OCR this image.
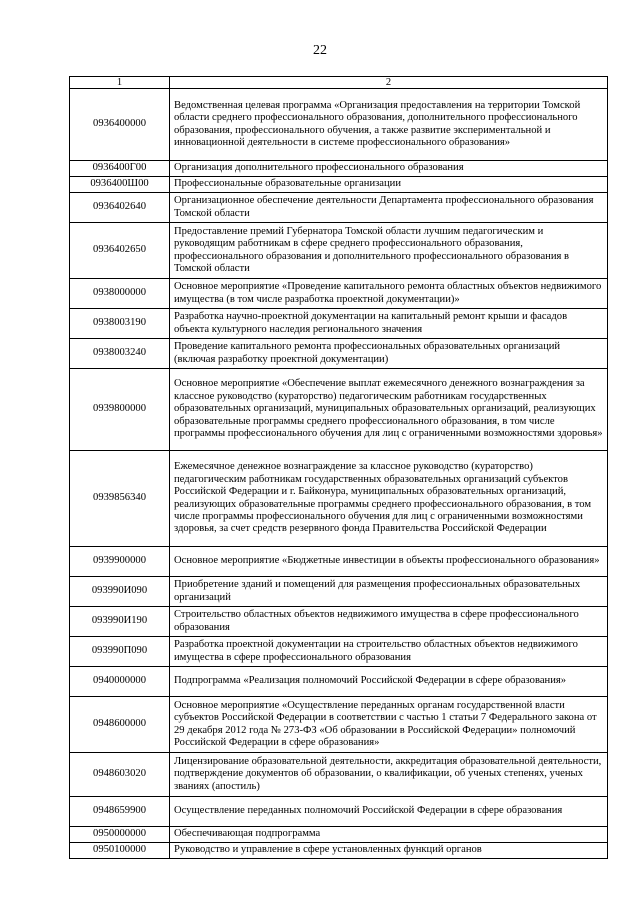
22
1	2
0936400000	Ведомственная целевая программа «Организация предоставления на территории Томской области среднего профессионального образования, дополнительного профессионального образования, профессионального обучения, а также развитие экспериментальной и инновационной деятельности в системе профессионального образования»
0936400Г00	Организация дополнительного профессионального образования
0936400Ш00	Профессиональные образовательные организации
0936402640	Организационное обеспечение деятельности Департамента профессионального образования Томской области
0936402650	Предоставление премий Губернатора Томской области лучшим педагогическим и руководящим работникам в сфере среднего профессионального образования, профессионального образования и дополнительного профессионального образования в Томской области
0938000000	Основное мероприятие «Проведение капитального ремонта областных объектов недвижимого имущества (в том числе разработка проектной документации)»
0938003190	Разработка научно-проектной документации на капитальный ремонт крыши и фасадов объекта культурного наследия регионального значения
0938003240	Проведение капитального ремонта профессиональных образовательных организаций (включая разработку проектной документации)
0939800000	Основное мероприятие «Обеспечение выплат ежемесячного денежного вознаграждения за классное руководство (кураторство) педагогическим работникам государственных образовательных организаций, муниципальных образовательных организаций, реализующих образовательные программы среднего профессионального образования, в том числе программы профессионального обучения для лиц с ограниченными возможностями здоровья»
0939856340	Ежемесячное денежное вознаграждение за классное руководство (кураторство) педагогическим работникам государственных образовательных организаций субъектов Российской Федерации и г. Байконура, муниципальных образовательных организаций, реализующих образовательные программы среднего профессионального образования, в том числе программы профессионального обучения для лиц с ограниченными возможностями здоровья, за счет средств резервного фонда Правительства Российской Федерации
0939900000	Основное мероприятие «Бюджетные инвестиции в объекты профессионального образования»
093990И090	Приобретение зданий и помещений для размещения профессиональных образовательных организаций
093990И190	Строительство областных объектов недвижимого имущества в сфере профессионального образования
093990П090	Разработка проектной документации на строительство областных объектов недвижимого имущества в сфере профессионального образования
0940000000	Подпрограмма «Реализация полномочий Российской Федерации в сфере образования»
0948600000	Основное мероприятие «Осуществление переданных органам государственной власти субъектов Российской Федерации в соответствии с частью 1 статьи 7 Федерального закона от 29 декабря 2012 года № 273-ФЗ «Об образовании в Российской Федерации» полномочий Российской Федерации в сфере образования»
0948603020	Лицензирование образовательной деятельности, аккредитация образовательной деятельности, подтверждение документов об образовании, о квалификации, об ученых степенях, ученых званиях (апостиль)
0948659900	Осуществление переданных полномочий Российской Федерации в сфере образования
0950000000	Обеспечивающая подпрограмма
0950100000	Руководство и управление в сфере установленных функций органов
